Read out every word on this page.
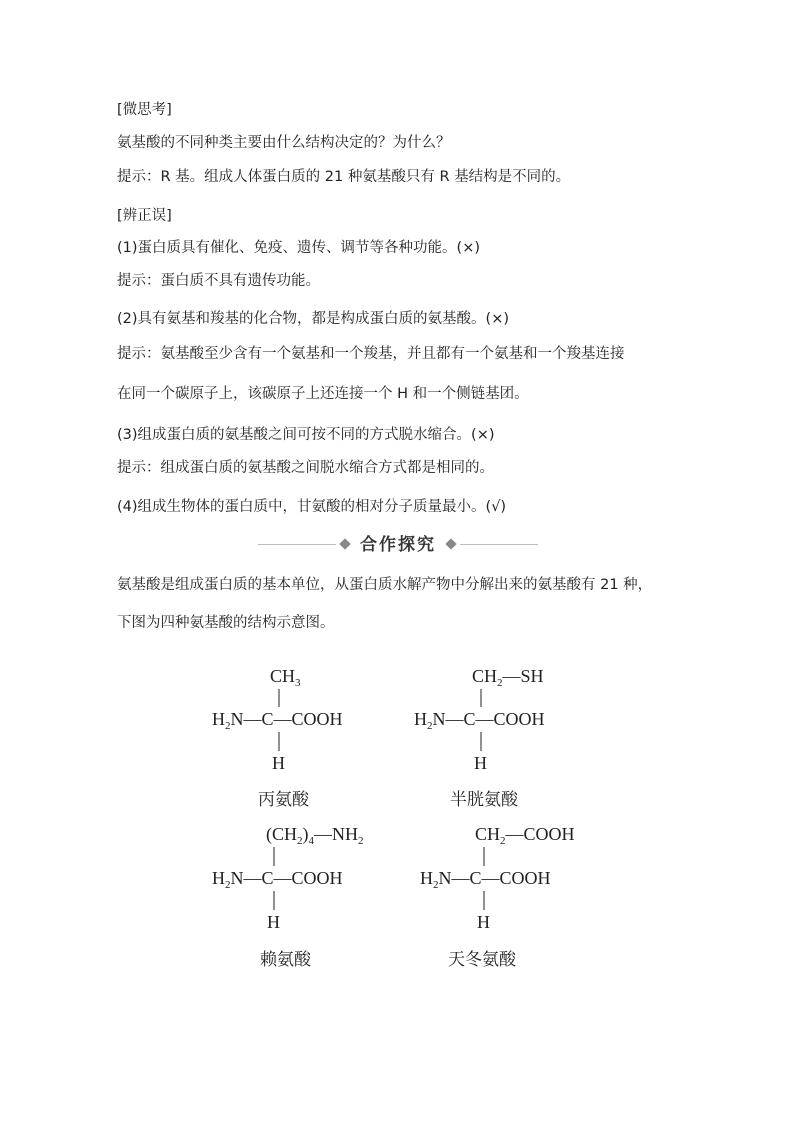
[微思考]
氨基酸的不同种类主要由什么结构决定的？为什么？
提示：R 基。组成人体蛋白质的 21 种氨基酸只有 R 基结构是不同的。
[辨正误]
(1)蛋白质具有催化、免疫、遗传、调节等各种功能。(×)
提示：蛋白质不具有遗传功能。
(2)具有氨基和羧基的化合物，都是构成蛋白质的氨基酸。(×)
提示：氨基酸至少含有一个氨基和一个羧基，并且都有一个氨基和一个羧基连接
在同一个碳原子上，该碳原子上还连接一个 H 和一个侧链基团。
(3)组成蛋白质的氨基酸之间可按不同的方式脱水缩合。(×)
提示：组成蛋白质的氨基酸之间脱水缩合方式都是相同的。
(4)组成生物体的蛋白质中，甘氨酸的相对分子质量最小。(√)
合作探究
氨基酸是组成蛋白质的基本单位，从蛋白质水解产物中分解出来的氨基酸有 21 种，
下图为四种氨基酸的结构示意图。
$CH_3$
$H_2N—C—COOH$
H
丙氨酸
$CH_2—SH$
$H_2N—C—COOH$
H
半胱氨酸
$(CH_2)_4—NH_2$
$H_2N—C—COOH$
H
赖氨酸
$CH_2—COOH$
$H_2N—C—COOH$
H
天冬氨酸
